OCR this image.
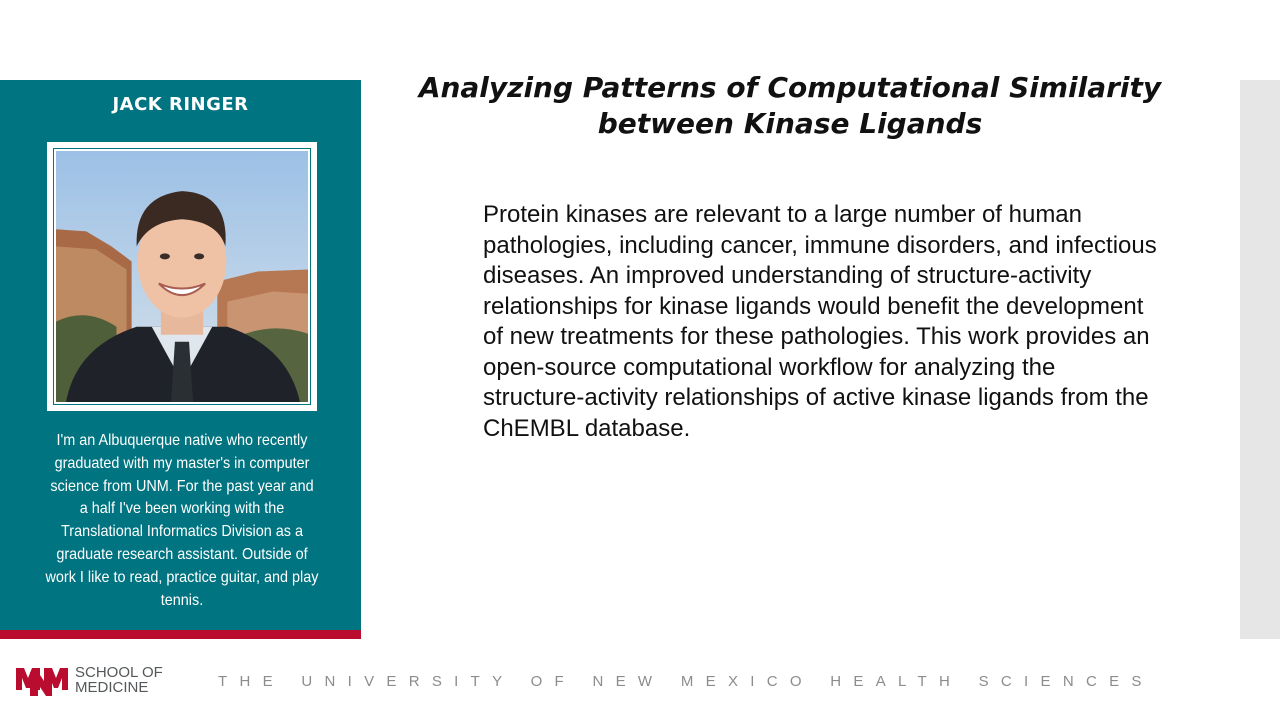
JACK RINGER
I'm an Albuquerque native who recently graduated with my master's in computer science from UNM. For the past year and a half I've been working with the Translational Informatics Division as a graduate research assistant. Outside of work I like to read, practice guitar, and play tennis.
Analyzing Patterns of Computational Similarity
between Kinase Ligands
Protein kinases are relevant to a large number of human pathologies, including cancer, immune disorders, and infectious diseases. An improved understanding of structure-activity relationships for kinase ligands would benefit the development of new treatments for these pathologies. This work provides an open-source computational workflow for analyzing the structure-activity relationships of active kinase ligands from the ChEMBL database.
SCHOOL OF
MEDICINE	THE UNIVERSITY OF NEW MEXICO HEALTH SCIENCES
